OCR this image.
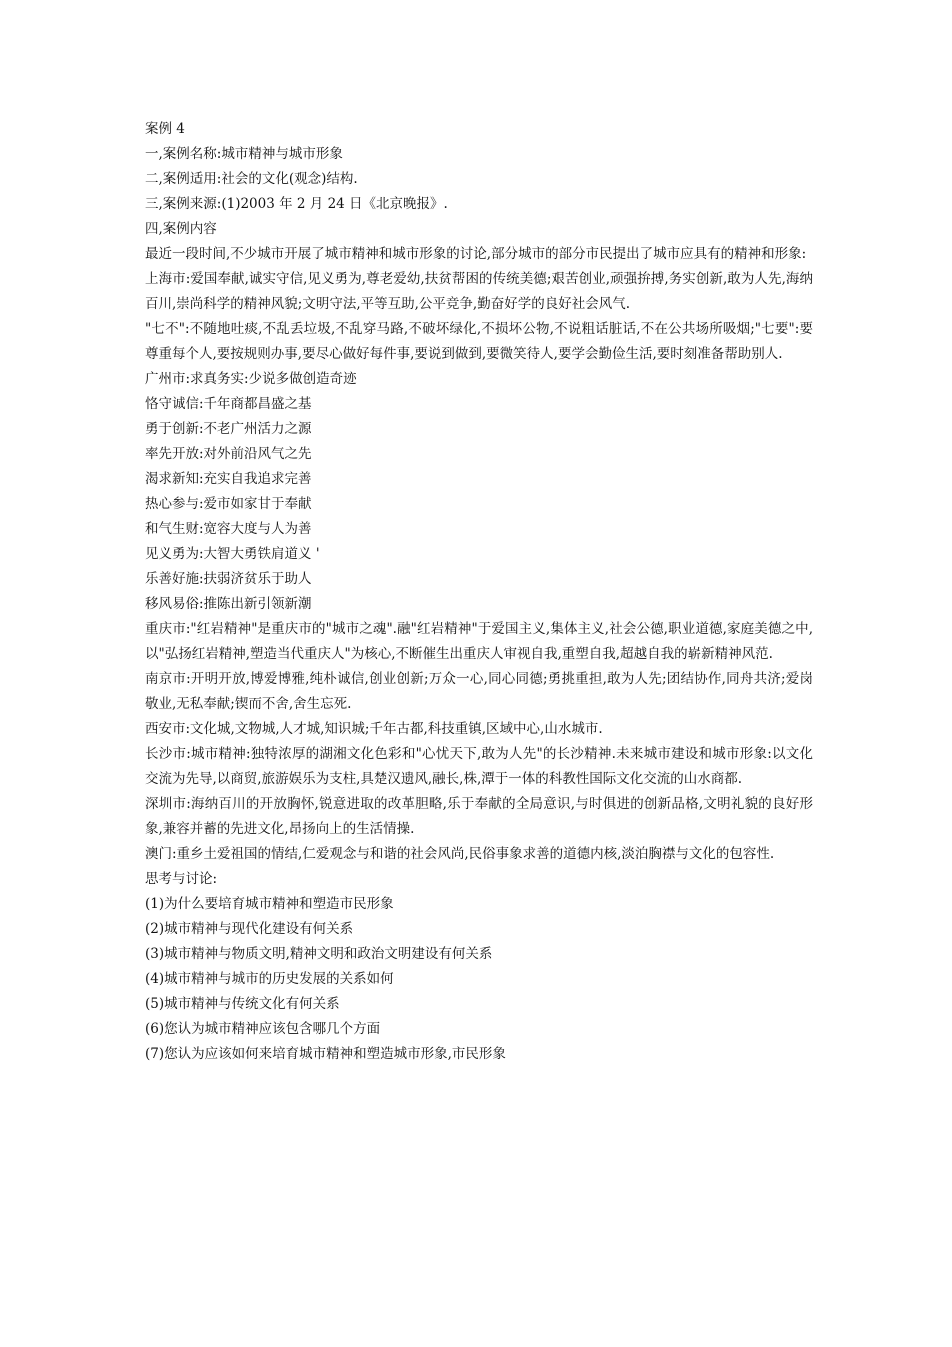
案例 4
一,案例名称:城市精神与城市形象
二,案例适用:社会的文化(观念)结构.
三,案例来源:(1)2003 年 2 月 24 日《北京晚报》.
四,案例内容
最近一段时间,不少城市开展了城市精神和城市形象的讨论,部分城市的部分市民提出了城市应具有的精神和形象:
上海市:爱国奉献,诚实守信,见义勇为,尊老爱幼,扶贫帮困的传统美德;艰苦创业,顽强拚搏,务实创新,敢为人先,海纳百川,崇尚科学的精神风貌;文明守法,平等互助,公平竞争,勤奋好学的良好社会风气.
"七不":不随地吐痰,不乱丢垃圾,不乱穿马路,不破坏绿化,不损坏公物,不说粗话脏话,不在公共场所吸烟;"七要":要尊重每个人,要按规则办事,要尽心做好每件事,要说到做到,要微笑待人,要学会勤俭生活,要时刻准备帮助别人.
广州市:求真务实:少说多做创造奇迹
恪守诚信:千年商都昌盛之基
勇于创新:不老广州活力之源
率先开放:对外前沿风气之先
渴求新知:充实自我追求完善
热心参与:爱市如家甘于奉献
和气生财:宽容大度与人为善
见义勇为:大智大勇铁肩道义 '
乐善好施:扶弱济贫乐于助人
移风易俗:推陈出新引领新潮
重庆市:"红岩精神"是重庆市的"城市之魂".融"红岩精神"于爱国主义,集体主义,社会公德,职业道德,家庭美德之中,以"弘扬红岩精神,塑造当代重庆人"为核心,不断催生出重庆人审视自我,重塑自我,超越自我的崭新精神风范.
南京市:开明开放,博爱博雅,纯朴诚信,创业创新;万众一心,同心同德;勇挑重担,敢为人先;团结协作,同舟共济;爱岗敬业,无私奉献;锲而不舍,舍生忘死.
西安市:文化城,文物城,人才城,知识城;千年古都,科技重镇,区域中心,山水城市.
长沙市:城市精神:独特浓厚的湖湘文化色彩和"心忧天下,敢为人先"的长沙精神.未来城市建设和城市形象:以文化交流为先导,以商贸,旅游娱乐为支柱,具楚汉遗风,融长,株,潭于一体的科教性国际文化交流的山水商都.
深圳市:海纳百川的开放胸怀,锐意进取的改革胆略,乐于奉献的全局意识,与时俱进的创新品格,文明礼貌的良好形象,兼容并蓄的先进文化,昂扬向上的生活情操.
澳门:重乡土爱祖国的情结,仁爱观念与和谐的社会风尚,民俗事象求善的道德内核,淡泊胸襟与文化的包容性.
思考与讨论:
(1)为什么要培育城市精神和塑造市民形象
(2)城市精神与现代化建设有何关系
(3)城市精神与物质文明,精神文明和政治文明建设有何关系
(4)城市精神与城市的历史发展的关系如何
(5)城市精神与传统文化有何关系
(6)您认为城市精神应该包含哪几个方面
(7)您认为应该如何来培育城市精神和塑造城市形象,市民形象
